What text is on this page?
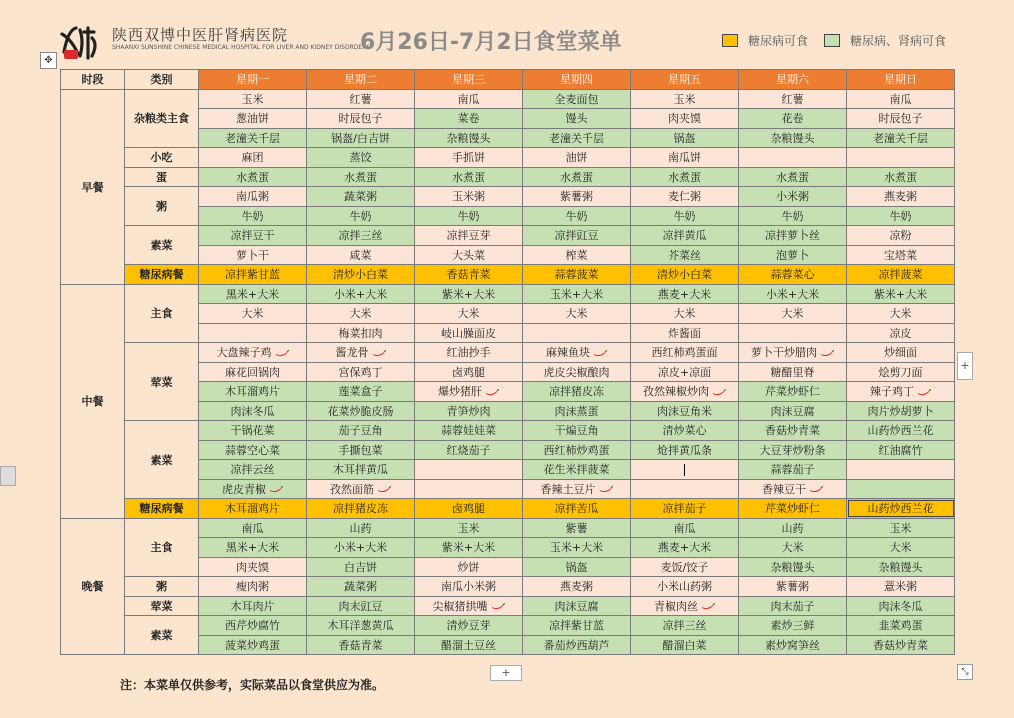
陕西双博中医肝肾病医院
SHAANXI SUNSHINE CHINESE MEDICAL HOSPITAL FOR LIVER AND KIDNEY DISORDERS
6月26日-7月2日食堂菜单	糖尿病可食	糖尿病、肾病可食
✥
时段	类别	星期一	星期二	星期三	星期四	星期五	星期六	星期日
早餐	杂粮类主食	玉米	红薯	南瓜	全麦面包	玉米	红薯	南瓜
		葱油饼	时辰包子	菜卷	馒头	肉夹馍	花卷	时辰包子
		老潼关千层	锅盔/白吉饼	杂粮馒头	老潼关千层	锅盔	杂粮馒头	老潼关千层
	小吃	麻团	蒸饺	手抓饼	油饼	南瓜饼		
	蛋	水煮蛋	水煮蛋	水煮蛋	水煮蛋	水煮蛋	水煮蛋	水煮蛋
	粥	南瓜粥	蔬菜粥	玉米粥	紫薯粥	麦仁粥	小米粥	燕麦粥
		牛奶	牛奶	牛奶	牛奶	牛奶	牛奶	牛奶
	素菜	凉拌豆干	凉拌三丝	凉拌豆芽	凉拌豇豆	凉拌黄瓜	凉拌萝卜丝	凉粉
		萝卜干	咸菜	大头菜	榨菜	芥菜丝	泡萝卜	宝塔菜
	糖尿病餐	凉拌紫甘蓝	清炒小白菜	香菇青菜	蒜蓉菠菜	清炒小白菜	蒜蓉菜心	凉拌菠菜
中餐	主食	黑米+大米	小米+大米	紫米+大米	玉米+大米	燕麦+大米	小米+大米	紫米+大米
		大米	大米	大米	大米	大米	大米	大米
			梅菜扣肉	岐山臊面皮		炸酱面		凉皮
	荤菜	大盘辣子鸡	酱龙骨	红油抄手	麻辣鱼块	西红柿鸡蛋面	萝卜干炒腊肉	炒细面
		麻花回锅肉	宫保鸡丁	卤鸡腿	虎皮尖椒酿肉	凉皮+凉面	糖醋里脊	烩剪刀面
		木耳溜鸡片	莲菜盒子	爆炒猪肝	凉拌猪皮冻	孜然辣椒炒肉	芹菜炒虾仁	辣子鸡丁
		肉沫冬瓜	花菜炒脆皮肠	青笋炒肉	肉沫蒸蛋	肉沫豆角米	肉沫豆腐	肉片炒胡萝卜
	素菜	干锅花菜	茄子豆角	蒜蓉娃娃菜	干煸豆角	清炒菜心	香菇炒青菜	山药炒西兰花
		蒜蓉空心菜	手撕包菜	红烧茄子	西红柿炒鸡蛋	炝拌黄瓜条	大豆芽炒粉条	红油腐竹
		凉拌云丝	木耳拌黄瓜		花生米拌菠菜		蒜蓉茄子	
		虎皮青椒	孜然面筋		香辣土豆片		香辣豆干	
	糖尿病餐	木耳溜鸡片	凉拌猪皮冻	卤鸡腿	凉拌苦瓜	凉拌茄子	芹菜炒虾仁	山药炒西兰花
晚餐	主食	南瓜	山药	玉米	紫薯	南瓜	山药	玉米
		黑米+大米	小米+大米	紫米+大米	玉米+大米	燕麦+大米	大米	大米
		肉夹馍	白吉饼	炒饼	锅盔	麦饭/饺子	杂粮馒头	杂粮馒头
	粥	瘦肉粥	蔬菜粥	南瓜小米粥	燕麦粥	小米山药粥	紫薯粥	薏米粥
	荤菜	木耳肉片	肉末豇豆	尖椒猪拱嘴	肉沫豆腐	青椒肉丝	肉末茄子	肉沫冬瓜
	素菜	西芹炒腐竹	木耳洋葱黄瓜	清炒豆芽	凉拌紫甘蓝	凉拌三丝	素炒三鲜	韭菜鸡蛋
		菠菜炒鸡蛋	香菇青菜	醋溜土豆丝	番茄炒西葫芦	醋溜白菜	素炒窝笋丝	香菇炒青菜
+
+	⤡
注：本菜单仅供参考，实际菜品以食堂供应为准。
